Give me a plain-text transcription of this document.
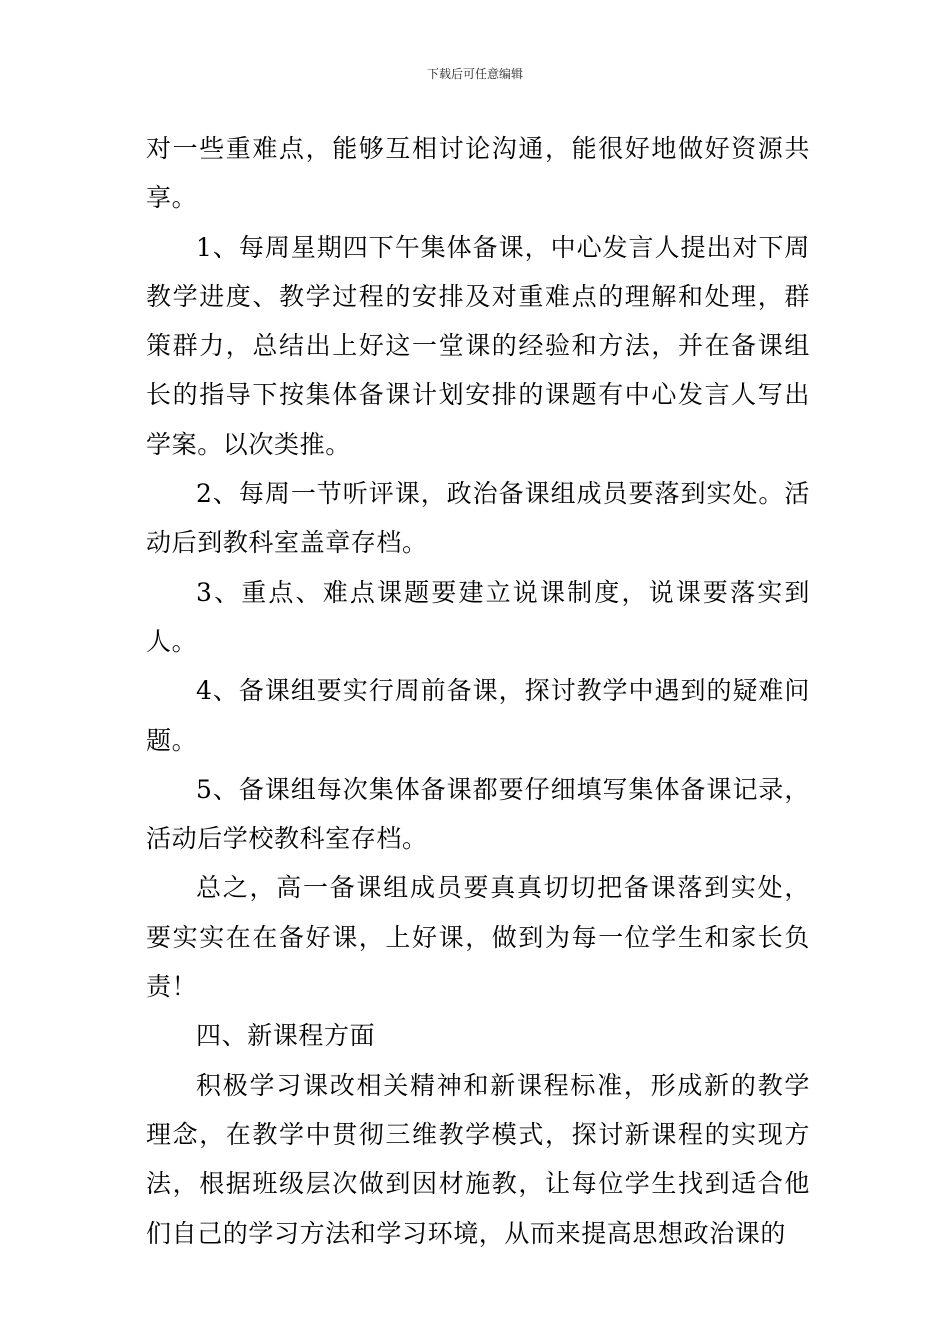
下载后可任意编辑

对一些重难点，能够互相讨论沟通，能很好地做好资源共享。

1、每周星期四下午集体备课，中心发言人提出对下周教学进度、教学过程的安排及对重难点的理解和处理，群策群力，总结出上好这一堂课的经验和方法，并在备课组长的指导下按集体备课计划安排的课题有中心发言人写出学案。以次类推。

2、每周一节听评课，政治备课组成员要落到实处。活动后到教科室盖章存档。

3、重点、难点课题要建立说课制度，说课要落实到人。

4、备课组要实行周前备课，探讨教学中遇到的疑难问题。

5、备课组每次集体备课都要仔细填写集体备课记录，活动后学校教科室存档。

总之，高一备课组成员要真真切切把备课落到实处，要实实在在备好课，上好课，做到为每一位学生和家长负责！

四、新课程方面

积极学习课改相关精神和新课程标准，形成新的教学理念，在教学中贯彻三维教学模式，探讨新课程的实现方法，根据班级层次做到因材施教，让每位学生找到适合他们自己的学习方法和学习环境，从而来提高思想政治课的
